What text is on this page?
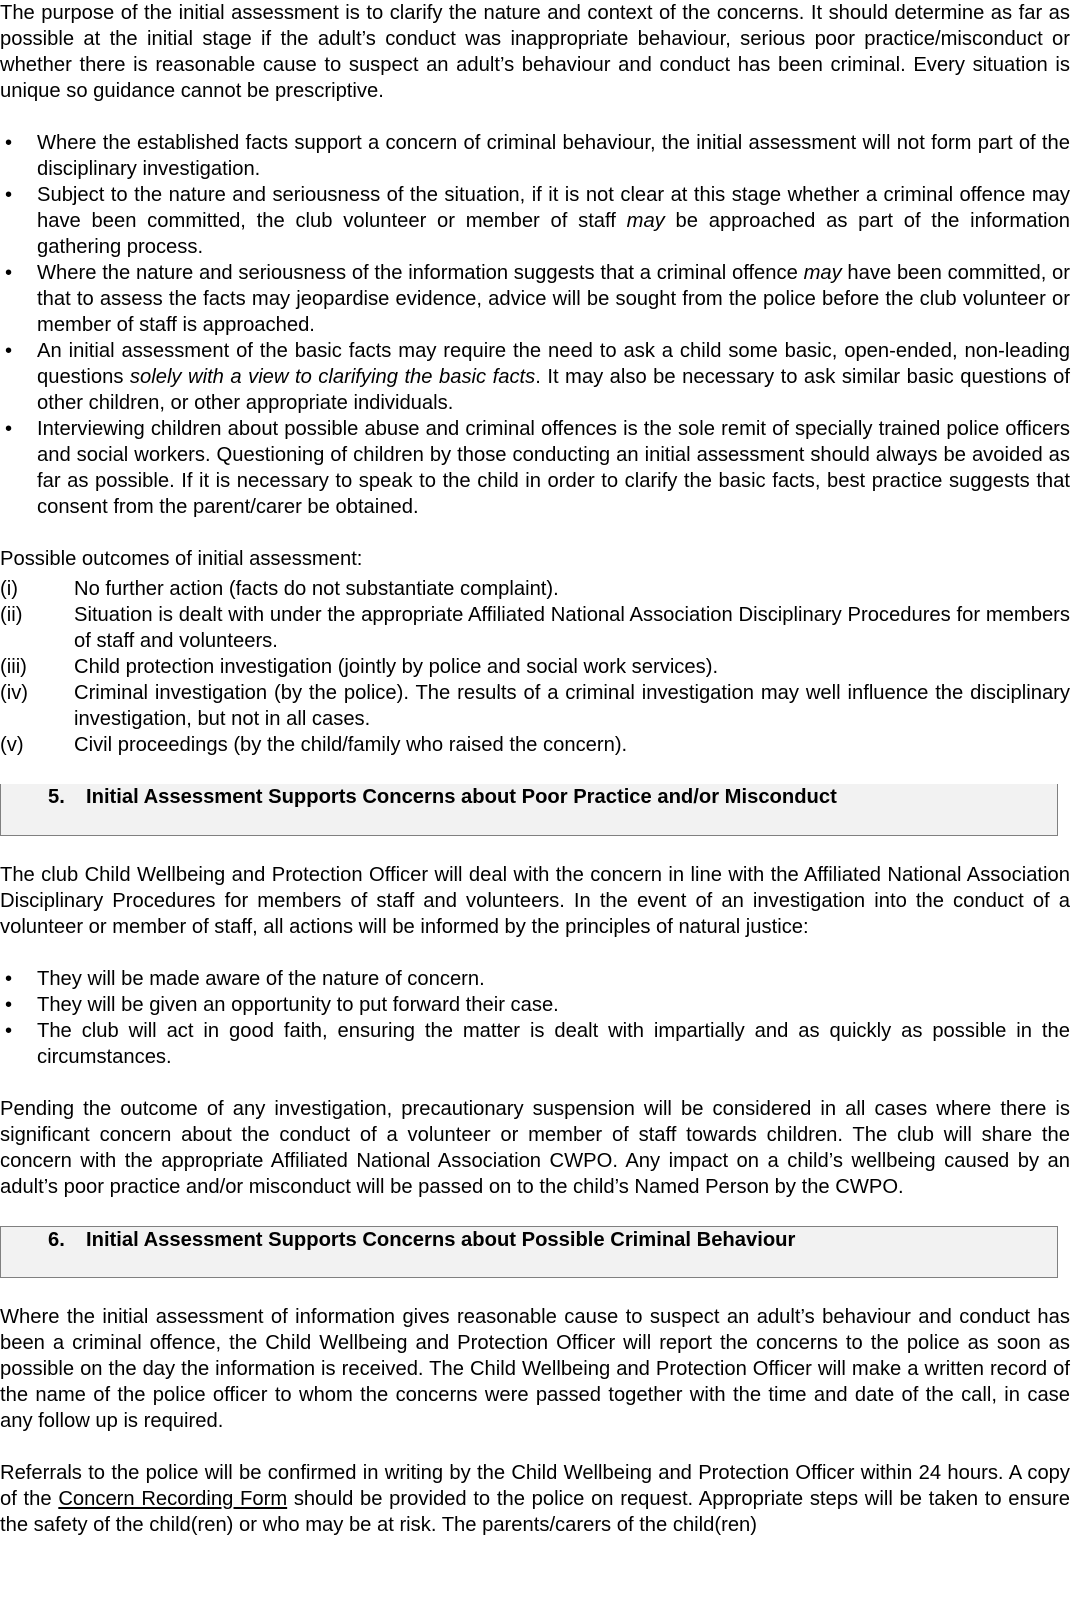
The purpose of the initial assessment is to clarify the nature and context of the concerns. It should determine as far as possible at the initial stage if the adult’s conduct was inappropriate behaviour, serious poor practice/misconduct or whether there is reasonable cause to suspect an adult’s behaviour and conduct has been criminal. Every situation is unique so guidance cannot be prescriptive.

• Where the established facts support a concern of criminal behaviour, the initial assessment will not form part of the disciplinary investigation.
• Subject to the nature and seriousness of the situation, if it is not clear at this stage whether a criminal offence may have been committed, the club volunteer or member of staff may be approached as part of the information gathering process.
• Where the nature and seriousness of the information suggests that a criminal offence may have been committed, or that to assess the facts may jeopardise evidence, advice will be sought from the police before the club volunteer or member of staff is approached.
• An initial assessment of the basic facts may require the need to ask a child some basic, open-ended, non-leading questions solely with a view to clarifying the basic facts. It may also be necessary to ask similar basic questions of other children, or other appropriate individuals.
• Interviewing children about possible abuse and criminal offences is the sole remit of specially trained police officers and social workers. Questioning of children by those conducting an initial assessment should always be avoided as far as possible. If it is necessary to speak to the child in order to clarify the basic facts, best practice suggests that consent from the parent/carer be obtained.

Possible outcomes of initial assessment:

(i)	No further action (facts do not substantiate complaint).
(ii)	Situation is dealt with under the appropriate Affiliated National Association Disciplinary Procedures for members of staff and volunteers.
(iii) Child protection investigation (jointly by police and social work services).
(iv) Criminal investigation (by the police). The results of a criminal investigation may well influence the disciplinary investigation, but not in all cases.
(v) Civil proceedings (by the child/family who raised the concern).
5. Initial Assessment Supports Concerns about Poor Practice and/or Misconduct

The club Child Wellbeing and Protection Officer will deal with the concern in line with the Affiliated National Association Disciplinary Procedures for members of staff and volunteers. In the event of an investigation into the conduct of a volunteer or member of staff, all actions will be informed by the principles of natural justice:

• They will be made aware of the nature of concern.
• They will be given an opportunity to put forward their case.
• The club will act in good faith, ensuring the matter is dealt with impartially and as quickly as possible in the circumstances.

Pending the outcome of any investigation, precautionary suspension will be considered in all cases where there is significant concern about the conduct of a volunteer or member of staff towards children. The club will share the concern with the appropriate Affiliated National Association CWPO. Any impact on a child’s wellbeing caused by an adult’s poor practice and/or misconduct will be passed on to the child’s Named Person by the CWPO.

6. Initial Assessment Supports Concerns about Possible Criminal Behaviour

Where the initial assessment of information gives reasonable cause to suspect an adult’s behaviour and conduct has been a criminal offence, the Child Wellbeing and Protection Officer will report the concerns to the police as soon as possible on the day the information is received. The Child Wellbeing and Protection Officer will make a written record of the name of the police officer to whom the concerns were passed together with the time and date of the call, in case any follow up is required.

Referrals to the police will be confirmed in writing by the Child Wellbeing and Protection Officer within 24 hours. A copy of the Concern Recording Form should be provided to the police on request. Appropriate steps will be taken to ensure the safety of the child(ren) or who may be at risk. The parents/carers of the child(ren)
